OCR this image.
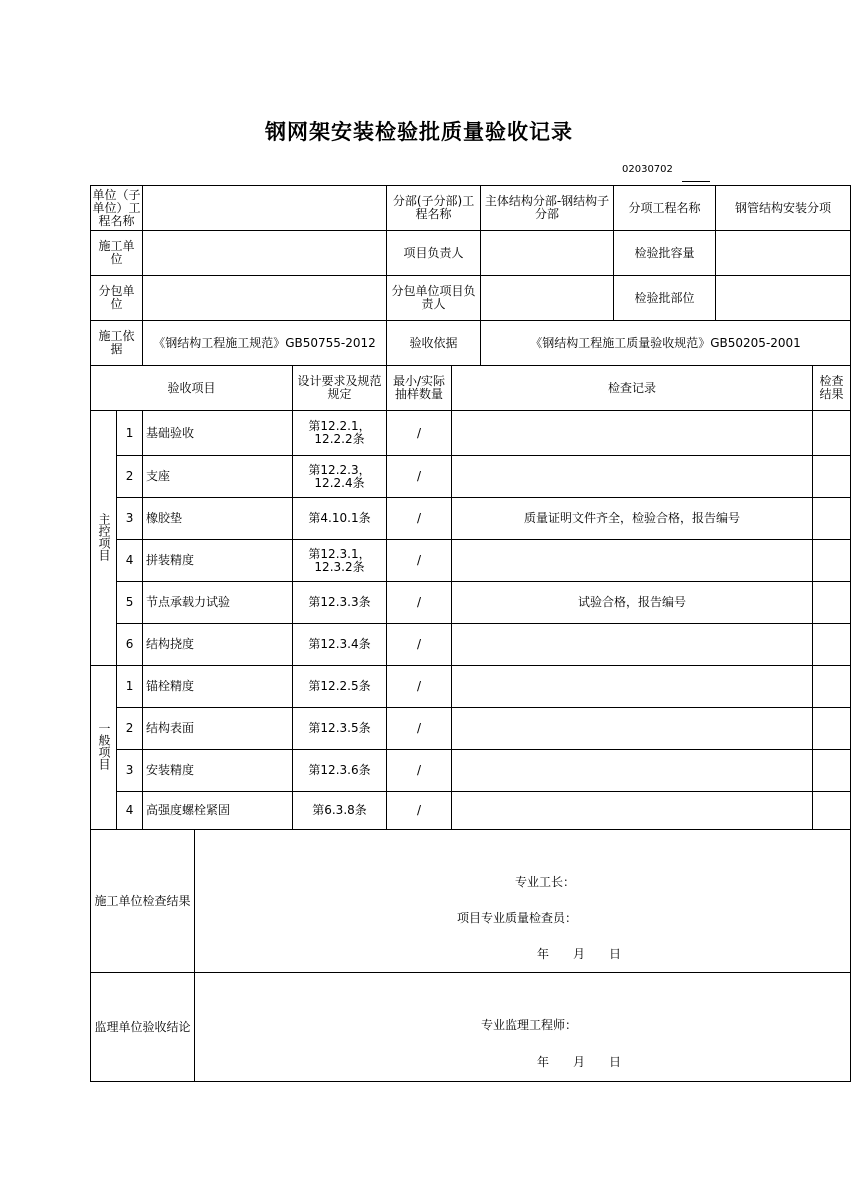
钢网架安装检验批质量验收记录
02030702
单位（子单位）工程名称					分部(子分部)工程名称		主体结构分部-钢结构子分部	分项工程名称	钢管结构安装分项	
施工单位					项目负责人			检验批容量		
分包单位					分包单位项目负责人			检验批部位		
施工依据		《钢结构工程施工规范》GB50755-2012			验收依据		《钢结构工程施工质量验收规范》GB50205-2001			
验收项目				设计要求及规范规定	最小/实际抽样数量	检查记录				检查结果
主控项目	1	基础验收		第12.2.1，12.2.2条	/					
	2	支座		第12.2.3，12.2.4条	/					
	3	橡胶垫		第4.10.1条	/	质量证明文件齐全，检验合格，报告编号				
	4	拼装精度		第12.3.1，12.3.2条	/					
	5	节点承载力试验		第12.3.3条	/	试验合格，报告编号				
	6	结构挠度		第12.3.4条	/					
一般项目	1	锚栓精度		第12.2.5条	/					
	2	结构表面		第12.3.5条	/					
	3	安装精度		第12.3.6条	/					
	4	高强度螺栓紧固		第6.3.8条	/					
施工单位检查结果			专业工长：
项目专业质量检查员：
年　　月　　日							

监理单位验收结论			专业监理工程师：
年　　月　　日							
